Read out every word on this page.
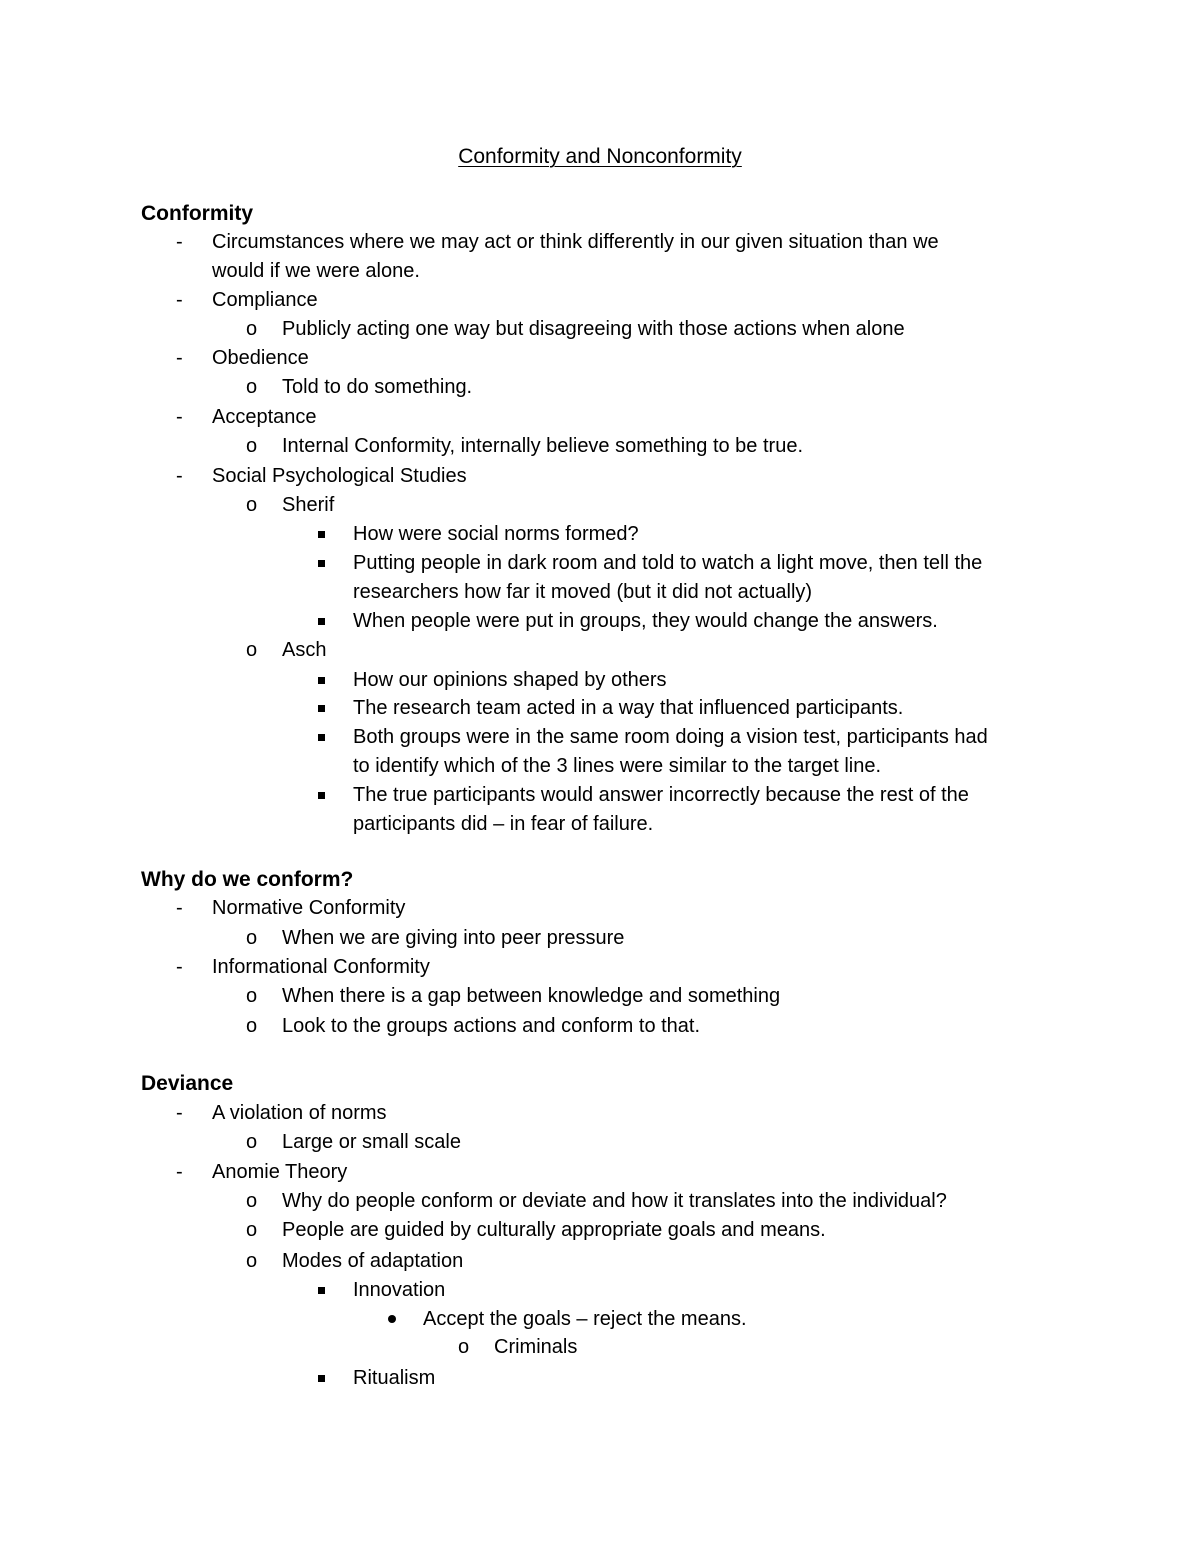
Conformity and Nonconformity
Conformity
- Circumstances where we may act or think differently in our given situation than we
would if we were alone.
- Compliance
o Publicly acting one way but disagreeing with those actions when alone
- Obedience
o Told to do something.
- Acceptance
o Internal Conformity, internally believe something to be true.
- Social Psychological Studies
o Sherif
How were social norms formed?
Putting people in dark room and told to watch a light move, then tell the
researchers how far it moved (but it did not actually)
When people were put in groups, they would change the answers.
o Asch
How our opinions shaped by others
The research team acted in a way that influenced participants.
Both groups were in the same room doing a vision test, participants had
to identify which of the 3 lines were similar to the target line.
The true participants would answer incorrectly because the rest of the
participants did – in fear of failure.
Why do we conform?
- Normative Conformity
o When we are giving into peer pressure
- Informational Conformity
o When there is a gap between knowledge and something
o Look to the groups actions and conform to that.
Deviance
- A violation of norms
o Large or small scale
- Anomie Theory
o Why do people conform or deviate and how it translates into the individual?
o People are guided by culturally appropriate goals and means.
o Modes of adaptation
Innovation
Accept the goals – reject the means.
o Criminals
Ritualism
